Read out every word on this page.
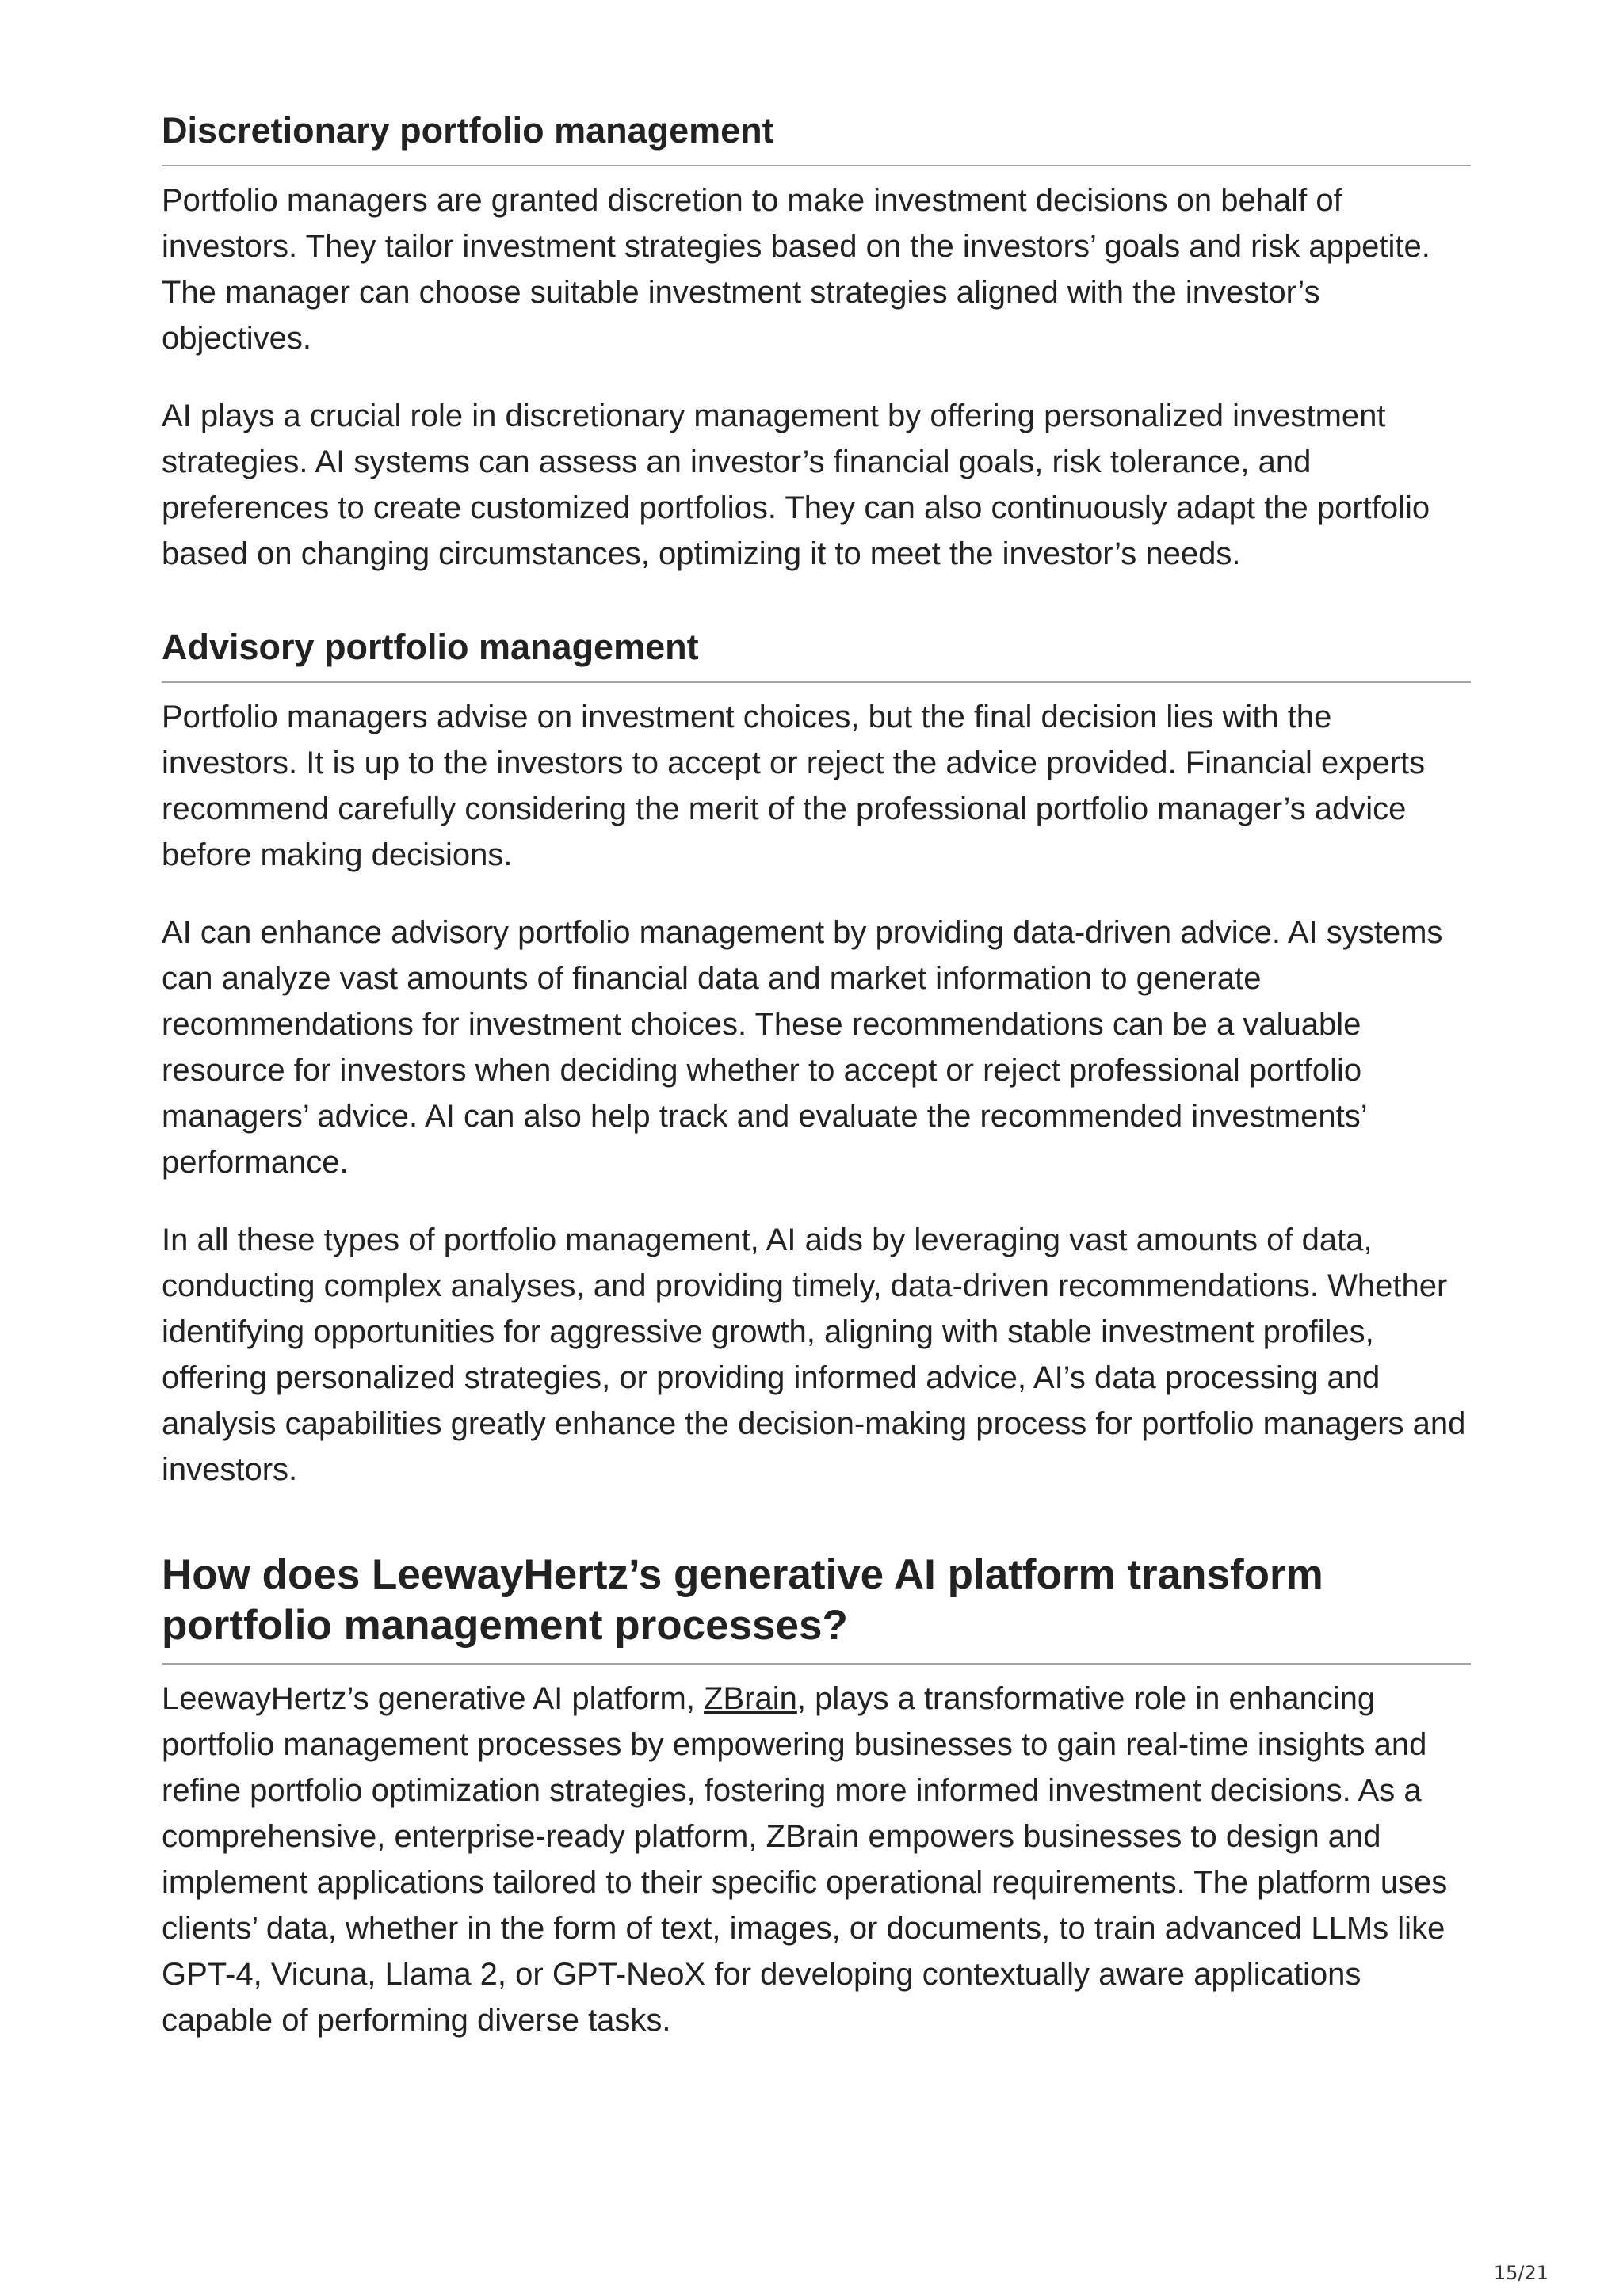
Discretionary portfolio management

Portfolio managers are granted discretion to make investment decisions on behalf of investors. They tailor investment strategies based on the investors’ goals and risk appetite. The manager can choose suitable investment strategies aligned with the investor’s objectives.

AI plays a crucial role in discretionary management by offering personalized investment strategies. AI systems can assess an investor’s financial goals, risk tolerance, and preferences to create customized portfolios. They can also continuously adapt the portfolio based on changing circumstances, optimizing it to meet the investor’s needs.

Advisory portfolio management

Portfolio managers advise on investment choices, but the final decision lies with the investors. It is up to the investors to accept or reject the advice provided. Financial experts recommend carefully considering the merit of the professional portfolio manager’s advice before making decisions.

AI can enhance advisory portfolio management by providing data-driven advice. AI systems can analyze vast amounts of financial data and market information to generate recommendations for investment choices. These recommendations can be a valuable resource for investors when deciding whether to accept or reject professional portfolio managers’ advice. AI can also help track and evaluate the recommended investments’ performance.

In all these types of portfolio management, AI aids by leveraging vast amounts of data, conducting complex analyses, and providing timely, data-driven recommendations. Whether identifying opportunities for aggressive growth, aligning with stable investment profiles, offering personalized strategies, or providing informed advice, AI’s data processing and analysis capabilities greatly enhance the decision-making process for portfolio managers and investors.

How does LeewayHertz’s generative AI platform transform portfolio management processes?

LeewayHertz’s generative AI platform, ZBrain, plays a transformative role in enhancing portfolio management processes by empowering businesses to gain real-time insights and refine portfolio optimization strategies, fostering more informed investment decisions. As a comprehensive, enterprise-ready platform, ZBrain empowers businesses to design and implement applications tailored to their specific operational requirements. The platform uses clients’ data, whether in the form of text, images, or documents, to train advanced LLMs like GPT-4, Vicuna, Llama 2, or GPT-NeoX for developing contextually aware applications capable of performing diverse tasks.

15/21
